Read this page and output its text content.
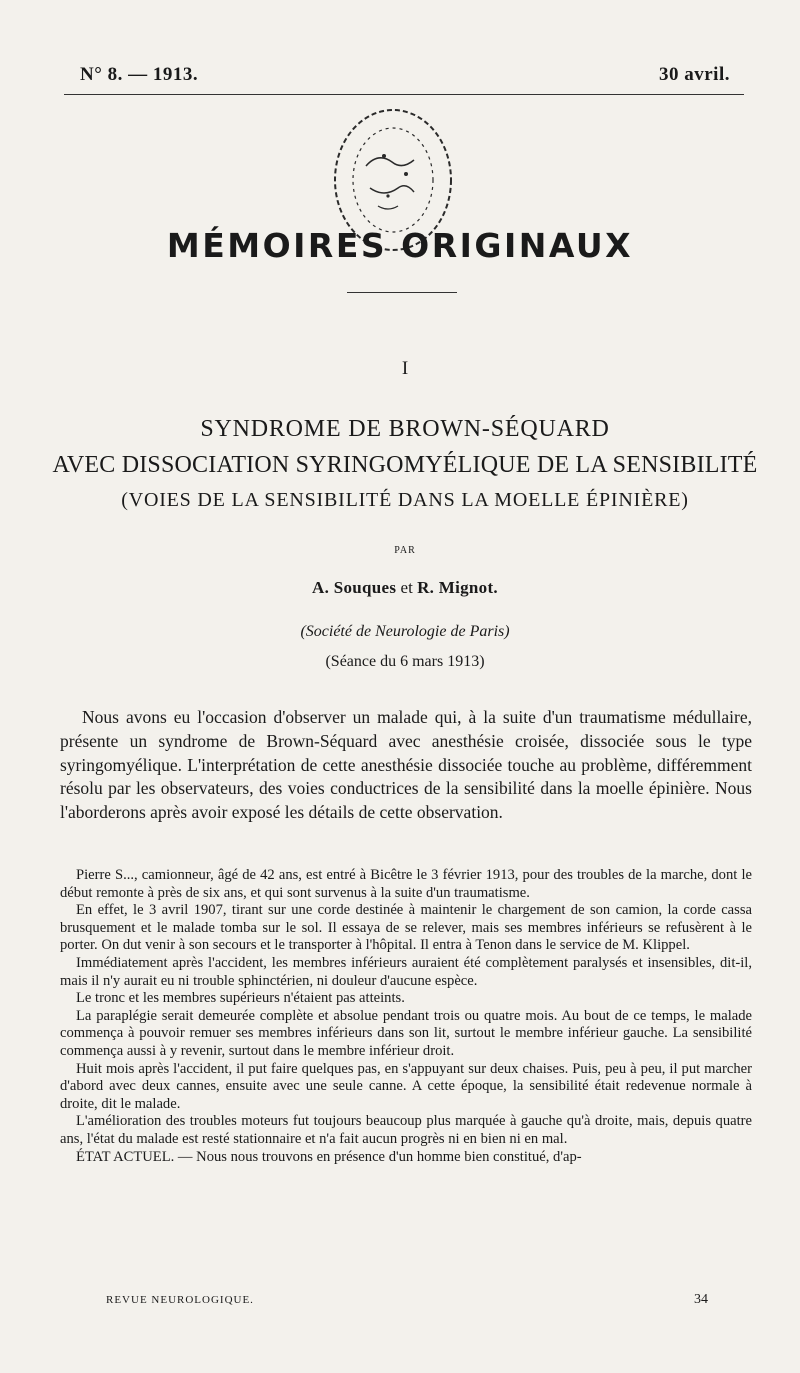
N° 8. — 1913.	30 avril.
MÉMOIRES ORIGINAUX
I
SYNDROME DE BROWN-SÉQUARD
AVEC DISSOCIATION SYRINGOMYÉLIQUE DE LA SENSIBILITÉ
(VOIES DE LA SENSIBILITÉ DANS LA MOELLE ÉPINIÈRE)
PAR
A. Souques et R. Mignot.
(Société de Neurologie de Paris)
(Séance du 6 mars 1913)
Nous avons eu l'occasion d'observer un malade qui, à la suite d'un traumatisme médullaire, présente un syndrome de Brown-Séquard avec anesthésie croisée, dissociée sous le type syringomyélique. L'interprétation de cette anesthésie dissociée touche au problème, différemment résolu par les observateurs, des voies conductrices de la sensibilité dans la moelle épinière. Nous l'aborderons après avoir exposé les détails de cette observation.

Pierre S..., camionneur, âgé de 42 ans, est entré à Bicêtre le 3 février 1913, pour des troubles de la marche, dont le début remonte à près de six ans, et qui sont survenus à la suite d'un traumatisme.

En effet, le 3 avril 1907, tirant sur une corde destinée à maintenir le chargement de son camion, la corde cassa brusquement et le malade tomba sur le sol. Il essaya de se relever, mais ses membres inférieurs se refusèrent à le porter. On dut venir à son secours et le transporter à l'hôpital. Il entra à Tenon dans le service de M. Klippel.

Immédiatement après l'accident, les membres inférieurs auraient été complètement paralysés et insensibles, dit-il, mais il n'y aurait eu ni trouble sphinctérien, ni douleur d'aucune espèce.

Le tronc et les membres supérieurs n'étaient pas atteints.

La paraplégie serait demeurée complète et absolue pendant trois ou quatre mois. Au bout de ce temps, le malade commença à pouvoir remuer ses membres inférieurs dans son lit, surtout le membre inférieur gauche. La sensibilité commença aussi à y revenir, surtout dans le membre inférieur droit.

Huit mois après l'accident, il put faire quelques pas, en s'appuyant sur deux chaises. Puis, peu à peu, il put marcher d'abord avec deux cannes, ensuite avec une seule canne. A cette époque, la sensibilité était redevenue normale à droite, dit le malade.

L'amélioration des troubles moteurs fut toujours beaucoup plus marquée à gauche qu'à droite, mais, depuis quatre ans, l'état du malade est resté stationnaire et n'a fait aucun progrès ni en bien ni en mal.

ÉTAT ACTUEL. — Nous nous trouvons en présence d'un homme bien constitué, d'ap-

REVUE NEUROLOGIQUE.	34
